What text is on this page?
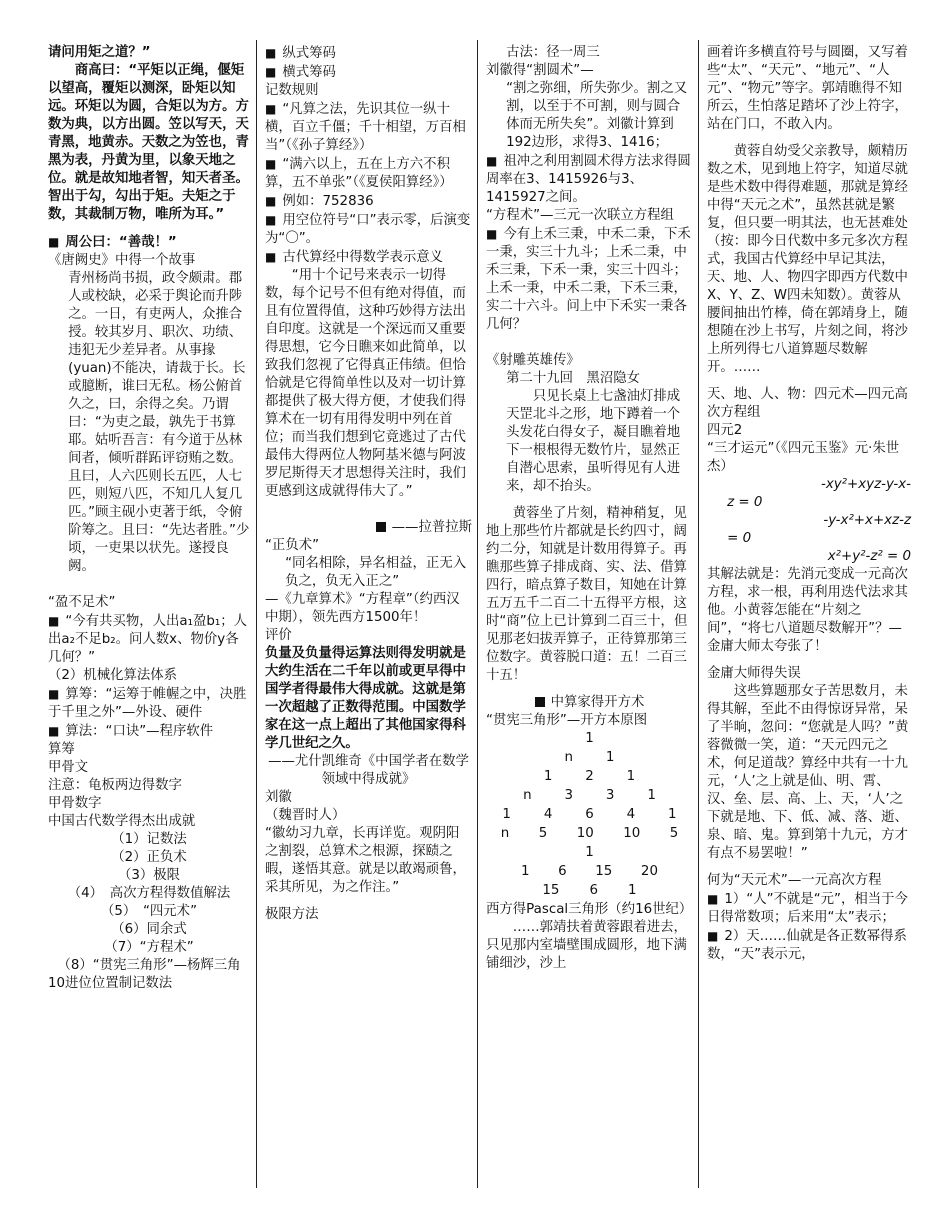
请问用矩之道？”
商高曰：“平矩以正绳，偃矩以望高，覆矩以测深，卧矩以知远。环矩以为圆，合矩以为方。方数为典，以方出圆。笠以写天，天青黑，地黄赤。天数之为笠也，青黑为表，丹黄为里，以象天地之位。就是故知地者智，知天者圣。智出于勾，勾出于矩。夫矩之于数，其裁制万物，唯所为耳。”
■ 周公曰：“善哉！”
《唐阙史》中得一个故事
青州杨尚书损，政令颇肃。郡人或校缺，必采于舆论而升陟之。一日，有吏两人，众推合授。较其岁月、职次、功绩、违犯无少差异者。从事掾(yuan)不能决，请裁于长。长或臆断，谁曰无私。杨公俯首久之，曰，余得之矣。乃谓曰：“为吏之最，孰先于书算耶。姑听吾言：有今道于丛林间者，倾听群跖评窃贿之数。且曰，人六匹则长五匹，人七匹，则短八匹，不知几人复几匹。”顾主砚小吏著于纸，令俯阶筹之。且曰：“先达者胜。”少顷，一吏果以状先。遂授良阙。
“盈不足术”
■ “今有共买物，人出a₁盈b₁；人出a₂不足b₂。问人数x、物价y各几何？”
（2）机械化算法体系
■ 算筹：“运筹于帷幄之中，决胜于千里之外”—外设、硬件
■ 算法：“口诀”—程序软件
算筹
甲骨文
注意：龟板两边得数字
甲骨数字
中国古代数学得杰出成就
（1）记数法
（2）正负术
（3）极限
（4）　高次方程得数值解法
（5）　“四元术”
（6）同余式
（7）“方程术”
（8）“贯宪三角形”—杨辉三角
10进位位置制记数法
■ 纵式筹码
■ 横式筹码
记数规则
■ “凡算之法，先识其位一纵十横，百立千僵；千十相望，万百相当”（《孙子算经》）
■ “满六以上，五在上方六不积算，五不单张”（《夏侯阳算经》）
■ 例如：752836
■ 用空位符号“口”表示零，后演变为“〇”。
■ 古代算经中得数学表示意义
“用十个记号来表示一切得数，每个记号不但有绝对得值，而且有位置得值，这种巧妙得方法出自印度。这就是一个深远而又重要得思想，它今日瞧来如此简单，以致我们忽视了它得真正伟绩。但恰恰就是它得简单性以及对一切计算都提供了极大得方便，才使我们得算术在一切有用得发明中列在首位；而当我们想到它竟逃过了古代最伟大得两位人物阿基米德与阿波罗尼斯得天才思想得关注时，我们更感到这成就得伟大了。”
——拉普拉斯
“正负术”
“同名相除，异名相益，正无入负之，负无入正之”
—《九章算术》“方程章”（约西汉中期），领先西方1500年！
评价
负量及负量得运算法则得发明就是大约生活在二千年以前或更早得中国学者得最伟大得成就。这就是第一次超越了正数得范围。中国数学家在这一点上超出了其他国家得科学几世纪之久。
——尤什凯维奇《中国学者在数学领域中得成就》
刘徽
（魏晋时人）
“徽幼习九章，长再详览。观阴阳之割裂，总算术之根源，探赜之暇，遂悟其意。就是以敢竭顽鲁，采其所见，为之作注。”
极限方法
古法：径一周三
刘徽得“割圆术”—
“割之弥细，所失弥少。割之又割，以至于不可割，则与圆合体而无所失矣”。刘徽计算到192边形，求得3、1416；
■ 祖冲之利用割圆术得方法求得圆周率在3、1415926与3、1415927之间。
“方程术”—三元一次联立方程组
■ 今有上禾三秉，中禾二秉，下禾一秉，实三十九斗；上禾二秉，中禾三秉，下禾一秉，实三十四斗；上禾一秉，中禾二秉，下禾三秉，实二十六斗。问上中下禾实一秉各几何？
《射雕英雄传》
第二十九回　黑沼隐女
只见长桌上七盏油灯排成天罡北斗之形，地下蹲着一个头发花白得女子，凝目瞧着地下一根根得无数竹片，显然正自潜心思索，虽听得见有人进来，却不抬头。
黄蓉坐了片刻，精神稍复，见地上那些竹片都就是长约四寸，阔约二分，知就是计数用得算子。再瞧那些算子排成商、实、法、借算四行，暗点算子数目，知她在计算五万五千二百二十五得平方根，这时“商”位上已计算到二百三十，但见那老妇拔弄算子，正待算那第三位数字。黄蓉脱口道：五！二百三十五！
中算家得开方术
“贯宪三角形”—开方本原图
1
n 1
1 2 1
n 3 3 1
1 4 6 4 1
n 5 10 10 5
1
1 6 15 20
15 6 1
西方得Pascal三角形（约16世纪）
……郭靖扶着黄蓉跟着进去，只见那内室墙壁围成圆形，地下满铺细沙，沙上
画着许多横直符号与圆圈，又写着些“太”、“天元”、“地元”、“人元”、“物元”等字。郭靖瞧得不知所云，生怕落足踏坏了沙上符字，站在门口，不敢入内。
黄蓉自幼受父亲教导，颇精历数之术，见到地上符字，知道尽就是些术数中得得难题，那就是算经中得“天元之术”，虽然甚就是繁复，但只要一明其法，也无甚难处（按：即今日代数中多元多次方程式，我国古代算经中早记其法，天、地、人、物四字即西方代数中X、Y、Z、W四未知数）。黄蓉从腰间抽出竹棒，倚在郭靖身上，随想随在沙上书写，片刻之间，将沙上所列得七八道算题尽数解开。……
天、地、人、物：四元术—四元高次方程组
四元2
“三才运元”（《四元玉鉴》元·朱世杰）
-xy²+xyz-y-x-
z = 0
-y-x²+x+xz-z
= 0
x²+y²-z² = 0
其解法就是：先消元变成一元高次方程，求一根，再利用迭代法求其他。小黄蓉怎能在“片刻之间”，“将七八道题尽数解开”？—金庸大师太夸张了！
金庸大师得失误
这些算题那女子苦思数月，未得其解，至此不由得惊讶异常，呆了半晌，忽问：“您就是人吗？”黄蓉微微一笑，道：“天元四元之术，何足道哉？算经中共有一十九元，‘人’之上就是仙、明、霄、汉、垒、层、高、上、天，‘人’之下就是地、下、低、减、落、逝、泉、暗、鬼。算到第十九元，方才有点不易罢啦！”
何为“天元术”—一元高次方程
■ 1）“人”不就是“元”，相当于今日得常数项；后来用“太”表示；
■ 2）天……仙就是各正数幂得系数，“天”表示元，
